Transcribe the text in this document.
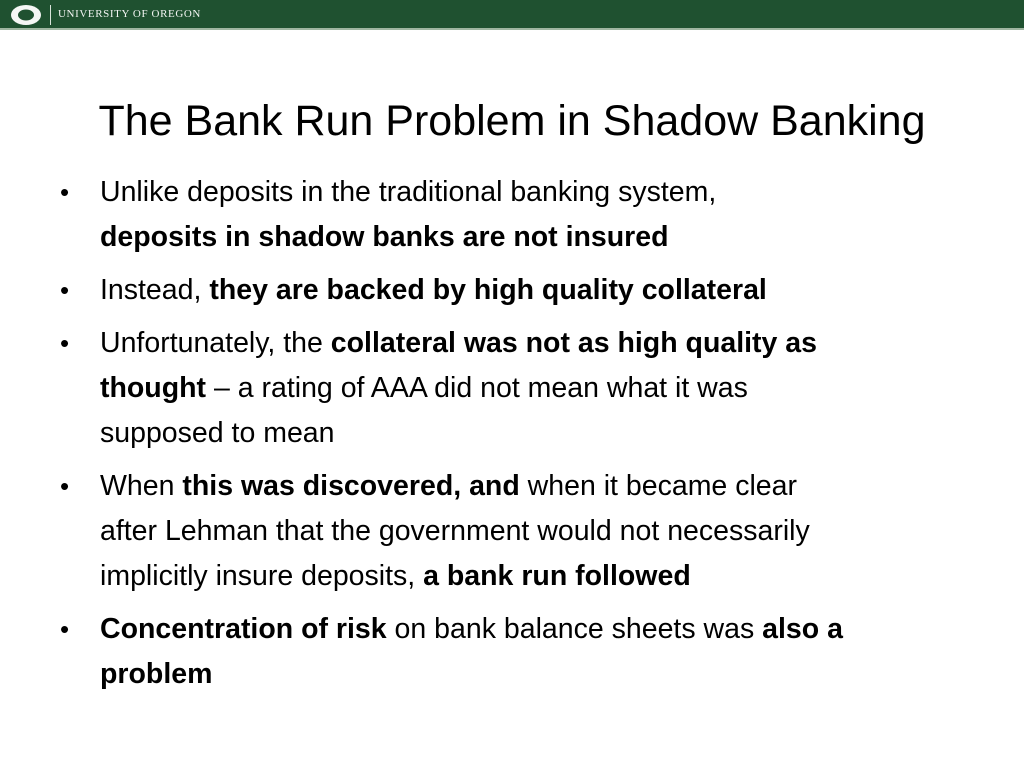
UNIVERSITY OF OREGON
The Bank Run Problem in Shadow Banking
•	Unlike deposits in the traditional banking system,
deposits in shadow banks are not insured
•	Instead, they are backed by high quality collateral
•	Unfortunately, the collateral was not as high quality as
thought – a rating of AAA did not mean what it was
supposed to mean
•	When this was discovered, and when it became clear
after Lehman that the government would not necessarily
implicitly insure deposits, a bank run followed
•	Concentration of risk on bank balance sheets was also a
problem
